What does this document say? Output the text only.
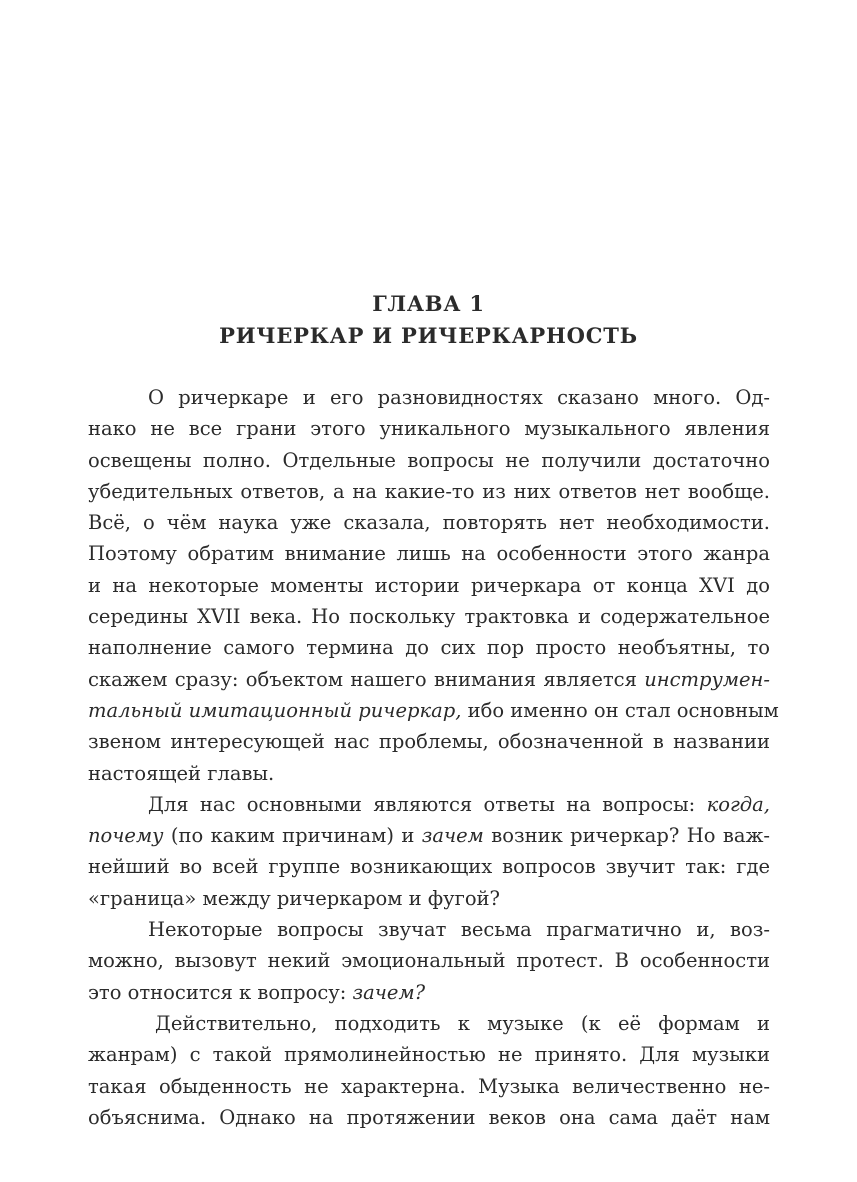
ГЛАВА 1
РИЧЕРКАР И РИЧЕРКАРНОСТЬ
О ричеркаре и его разновидностях сказано много. Од-
нако не все грани этого уникального музыкального явления
освещены полно. Отдельные вопросы не получили достаточно
убедительных ответов, а на какие-то из них ответов нет вообще.
Всё, о чём наука уже сказала, повторять нет необходимости.
Поэтому обратим внимание лишь на особенности этого жанра
и на некоторые моменты истории ричеркара от конца XVI до
середины XVII века. Но поскольку трактовка и содержательное
наполнение самого термина до сих пор просто необъятны, то
скажем сразу: объектом нашего внимания является инструмен-
тальный имитационный ричеркар, ибо именно он стал основным
звеном интересующей нас проблемы, обозначенной в названии
настоящей главы.
Для нас основными являются ответы на вопросы: когда,
почему (по каким причинам) и зачем возник ричеркар? Но важ-
нейший во всей группе возникающих вопросов звучит так: где
«граница» между ричеркаром и фугой?
Некоторые вопросы звучат весьма прагматично и, воз-
можно, вызовут некий эмоциональный протест. В особенности
это относится к вопросу: зачем?
Действительно, подходить к музыке (к её формам и
жанрам) с такой прямолинейностью не принято. Для музыки
такая обыденность не характерна. Музыка величественно не-
объяснима. Однако на протяжении веков она сама даёт нам
